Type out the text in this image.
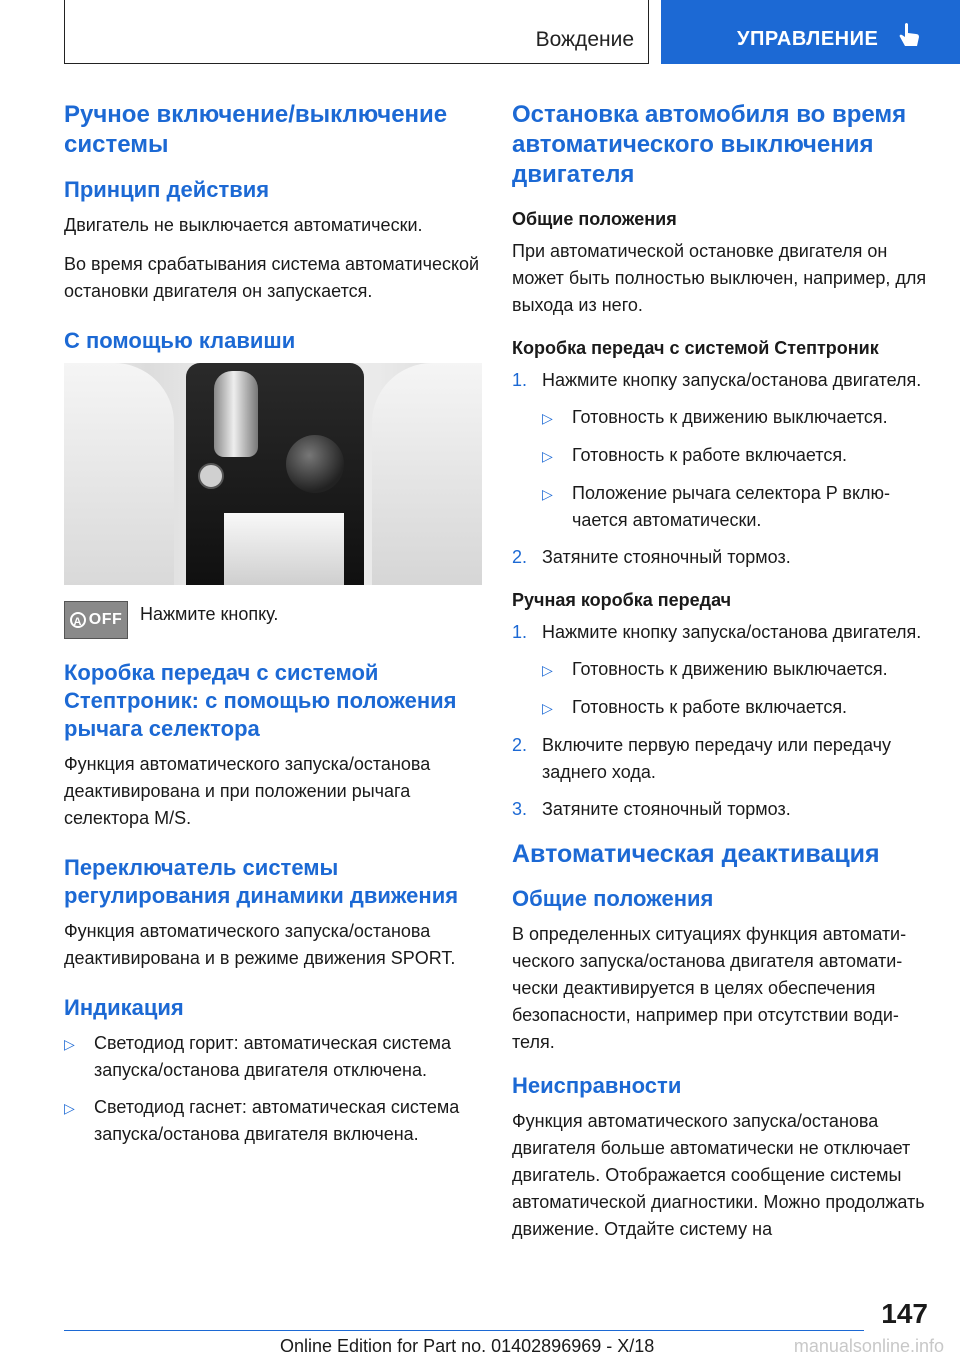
Вождение	УПРАВЛЕНИЕ
Ручное включение/выключение системы
Принцип действия
Двигатель не выключается автоматически.
Во время срабатывания система автоматической остановки двигателя он запускается.
С помощью клавиши
A OFF Нажмите кнопку.
Коробка передач с системой Стептроник: с помощью положения рычага селектора
Функция автоматического запуска/останова деактивирована и при положении рычага селектора M/S.
Переключатель системы регулирования динамики движения
Функция автоматического запуска/останова деактивирована и в режиме движения SPORT.
Индикация
▷	Светодиод горит: автоматическая система запуска/останова двигателя отключена.
▷	Светодиод гаснет: автоматическая система запуска/останова двигателя включена.
Остановка автомобиля во время автоматического выключения двигателя
Общие положения
При автоматической остановке двигателя он может быть полностью выключен, например, для выхода из него.
Коробка передач с системой Стептроник
1. Нажмите кнопку запуска/останова двигателя.
▷	Готовность к движению выключается.
▷	Готовность к работе включается.
▷	Положение рычага селектора P включается автоматически.
2. Затяните стояночный тормоз.
Ручная коробка передач
1. Нажмите кнопку запуска/останова двигателя.
▷	Готовность к движению выключается.
▷	Готовность к работе включается.
2. Включите первую передачу или передачу заднего хода.
3. Затяните стояночный тормоз.
Автоматическая деактивация
Общие положения
В определенных ситуациях функция автоматического запуска/останова двигателя автоматически деактивируется в целях обеспечения безопасности, например при отсутствии водителя.
Неисправности
Функция автоматического запуска/останова двигателя больше автоматически не отключает двигатель. Отображается сообщение системы автоматической диагностики. Можно продолжать движение. Отдайте систему на
147
Online Edition for Part no. 01402896969 - X/18	manualsonline.info
